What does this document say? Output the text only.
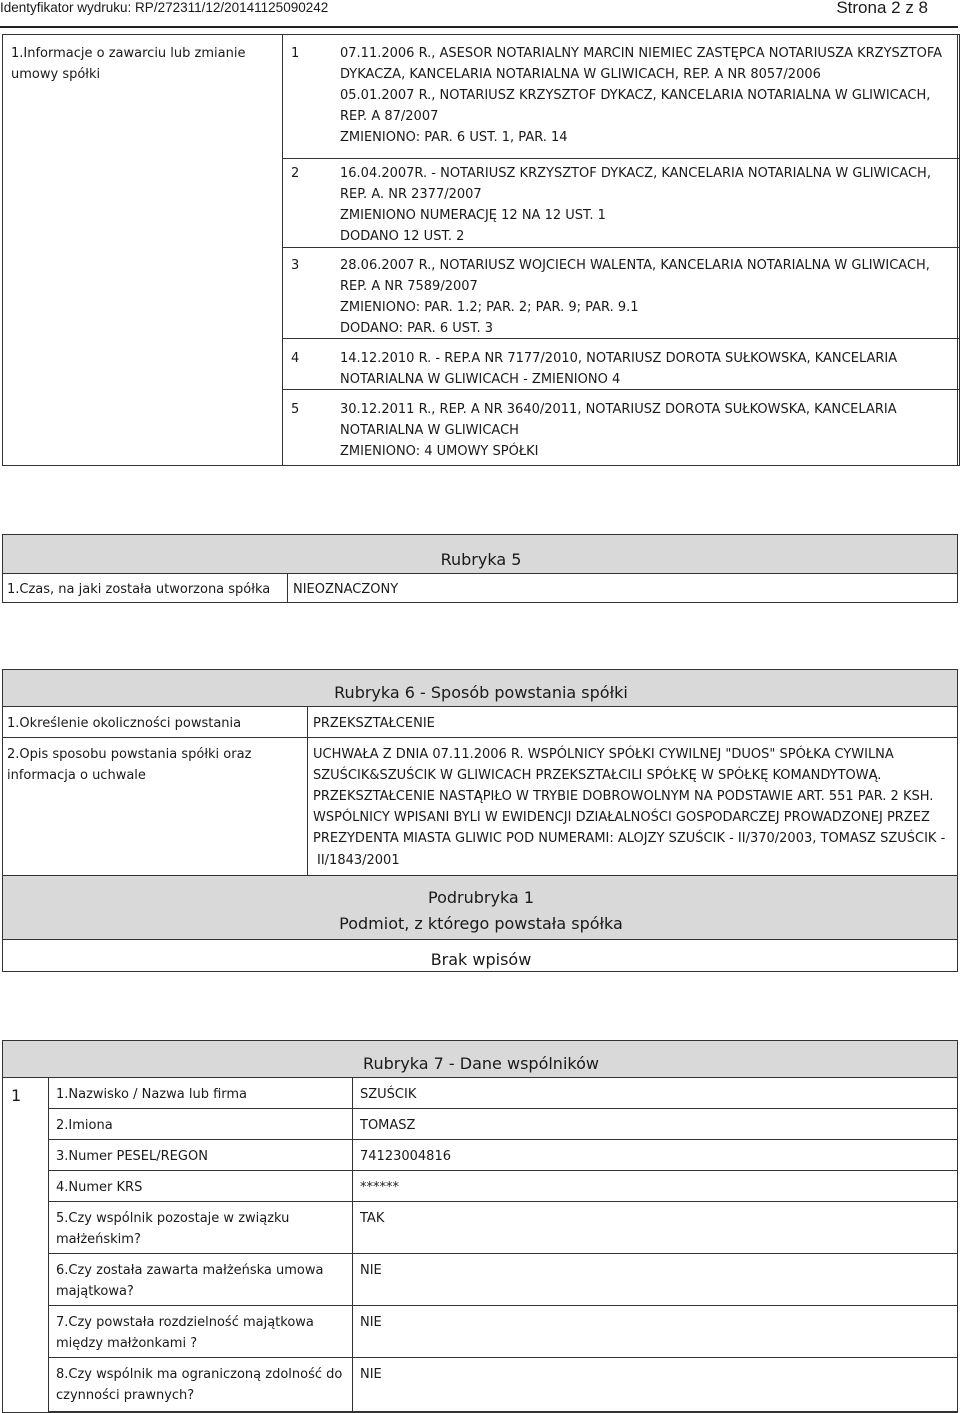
Identyfikator wydruku: RP/272311/12/20141125090242	Strona 2 z 8
1.Informacje o zawarciu lub zmianie
umowy spółki
1	07.11.2006 R., ASESOR NOTARIALNY MARCIN NIEMIEC ZASTĘPCA NOTARIUSZA KRZYSZTOFA
DYKACZA, KANCELARIA NOTARIALNA W GLIWICACH, REP. A NR 8057/2006
05.01.2007 R., NOTARIUSZ KRZYSZTOF DYKACZ, KANCELARIA NOTARIALNA W GLIWICACH,
REP. A 87/2007
ZMIENIONO: PAR. 6 UST. 1, PAR. 14
2	16.04.2007R. - NOTARIUSZ KRZYSZTOF DYKACZ, KANCELARIA NOTARIALNA W GLIWICACH,
REP. A. NR 2377/2007
ZMIENIONO NUMERACJĘ 12 NA 12 UST. 1
DODANO 12 UST. 2
3	28.06.2007 R., NOTARIUSZ WOJCIECH WALENTA, KANCELARIA NOTARIALNA W GLIWICACH,
REP. A NR 7589/2007
ZMIENIONO: PAR. 1.2; PAR. 2; PAR. 9; PAR. 9.1
DODANO: PAR. 6 UST. 3
4	14.12.2010 R. - REP.A NR 7177/2010, NOTARIUSZ DOROTA SUŁKOWSKA, KANCELARIA
NOTARIALNA W GLIWICACH - ZMIENIONO 4
5	30.12.2011 R., REP. A NR 3640/2011, NOTARIUSZ DOROTA SUŁKOWSKA, KANCELARIA
NOTARIALNA W GLIWICACH
ZMIENIONO: 4 UMOWY SPÓŁKI
Rubryka 5
1.Czas, na jaki została utworzona spółka NIEOZNACZONY
Rubryka 6 - Sposób powstania spółki
1.Określenie okoliczności powstania	PRZEKSZTAŁCENIE
2.Opis sposobu powstania spółki oraz
informacja o uchwale
UCHWAŁA Z DNIA 07.11.2006 R. WSPÓLNICY SPÓŁKI CYWILNEJ "DUOS" SPÓŁKA CYWILNA
SZUŚCIK&SZUŚCIK W GLIWICACH PRZEKSZTAŁCILI SPÓŁKĘ W SPÓŁKĘ KOMANDYTOWĄ.
PRZEKSZTAŁCENIE NASTĄPIŁO W TRYBIE DOBROWOLNYM NA PODSTAWIE ART. 551 PAR. 2 KSH.
WSPÓLNICY WPISANI BYLI W EWIDENCJI DZIAŁALNOŚCI GOSPODARCZEJ PROWADZONEJ PRZEZ
PREZYDENTA MIASTA GLIWIC POD NUMERAMI: ALOJZY SZUŚCIK - II/370/2003, TOMASZ SZUŚCIK -
II/1843/2001
Podrubryka 1
Podmiot, z którego powstała spółka
Brak wpisów
Rubryka 7 - Dane wspólników
1	1.Nazwisko / Nazwa lub firma	SZUŚCIK
2.Imiona	TOMASZ
3.Numer PESEL/REGON	74123004816
4.Numer KRS	******
5.Czy wspólnik pozostaje w związku
małżeńskim?
TAK
6.Czy została zawarta małżeńska umowa
majątkowa?
NIE
7.Czy powstała rozdzielność majątkowa
między małżonkami ?
NIE
8.Czy wspólnik ma ograniczoną zdolność do
czynności prawnych?
NIE
